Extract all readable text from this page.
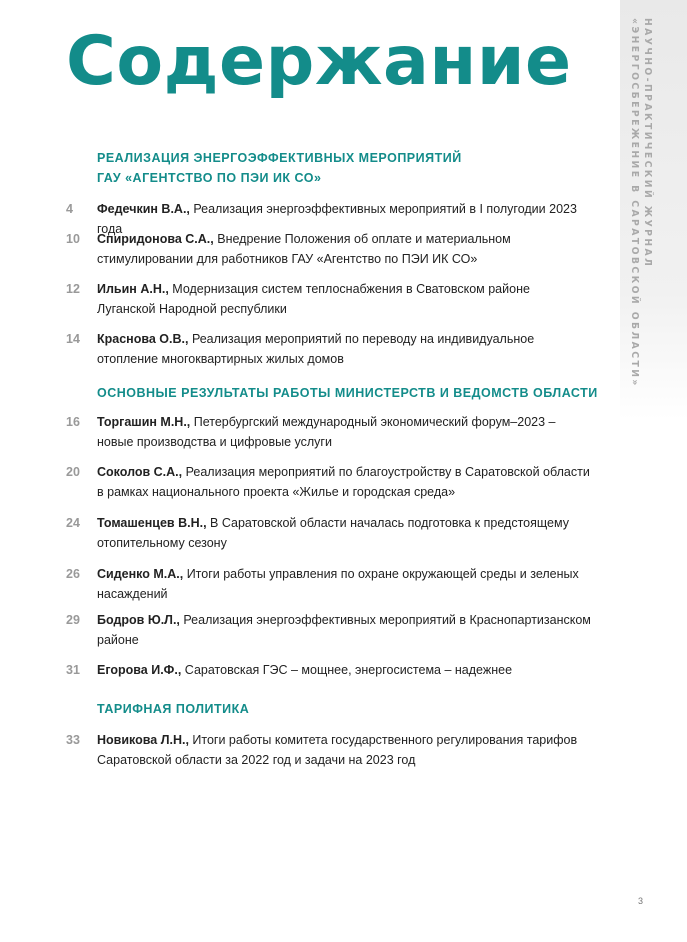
НАУЧНО-ПРАКТИЧЕСКИЙ ЖУРНАЛ
«ЭНЕРГОСБЕРЕЖЕНИЕ В САРАТОВСКОЙ ОБЛАСТИ»
Содержание
РЕАЛИЗАЦИЯ ЭНЕРГОЭФФЕКТИВНЫХ МЕРОПРИЯТИЙ
ГАУ «АГЕНТСТВО ПО ПЭИ ИК СО»
4 Федечкин В.А., Реализация энергоэффективных мероприятий в I полугодии 2023 года
10 Спиридонова С.А., Внедрение Положения об оплате и материальном стимулировании для работников ГАУ «Агентство по ПЭИ ИК СО»
12 Ильин А.Н., Модернизация систем теплоснабжения в Сватовском районе Луганской Народной республики
14 Краснова О.В., Реализация мероприятий по переводу на индивидуальное отопление многоквартирных жилых домов
ОСНОВНЫЕ РЕЗУЛЬТАТЫ РАБОТЫ МИНИСТЕРСТВ И ВЕДОМСТВ ОБЛАСТИ
16 Торгашин М.Н., Петербургский международный экономический форум–2023 – новые производства и цифровые услуги
20 Соколов С.А., Реализация мероприятий по благоустройству в Саратовской области в рамках национального проекта «Жилье и городская среда»
24 Томашенцев В.Н., В Саратовской области началась подготовка к предстоящему отопительному сезону
26 Сиденко М.А., Итоги работы управления по охране окружающей среды и зеленых насаждений
29 Бодров Ю.Л., Реализация энергоэффективных мероприятий в Краснопартизанском районе
31 Егорова И.Ф., Саратовская ГЭС – мощнее, энергосистема – надежнее
ТАРИФНАЯ ПОЛИТИКА
33 Новикова Л.Н., Итоги работы комитета государственного регулирования тарифов Саратовской области за 2022 год и задачи на 2023 год
3
